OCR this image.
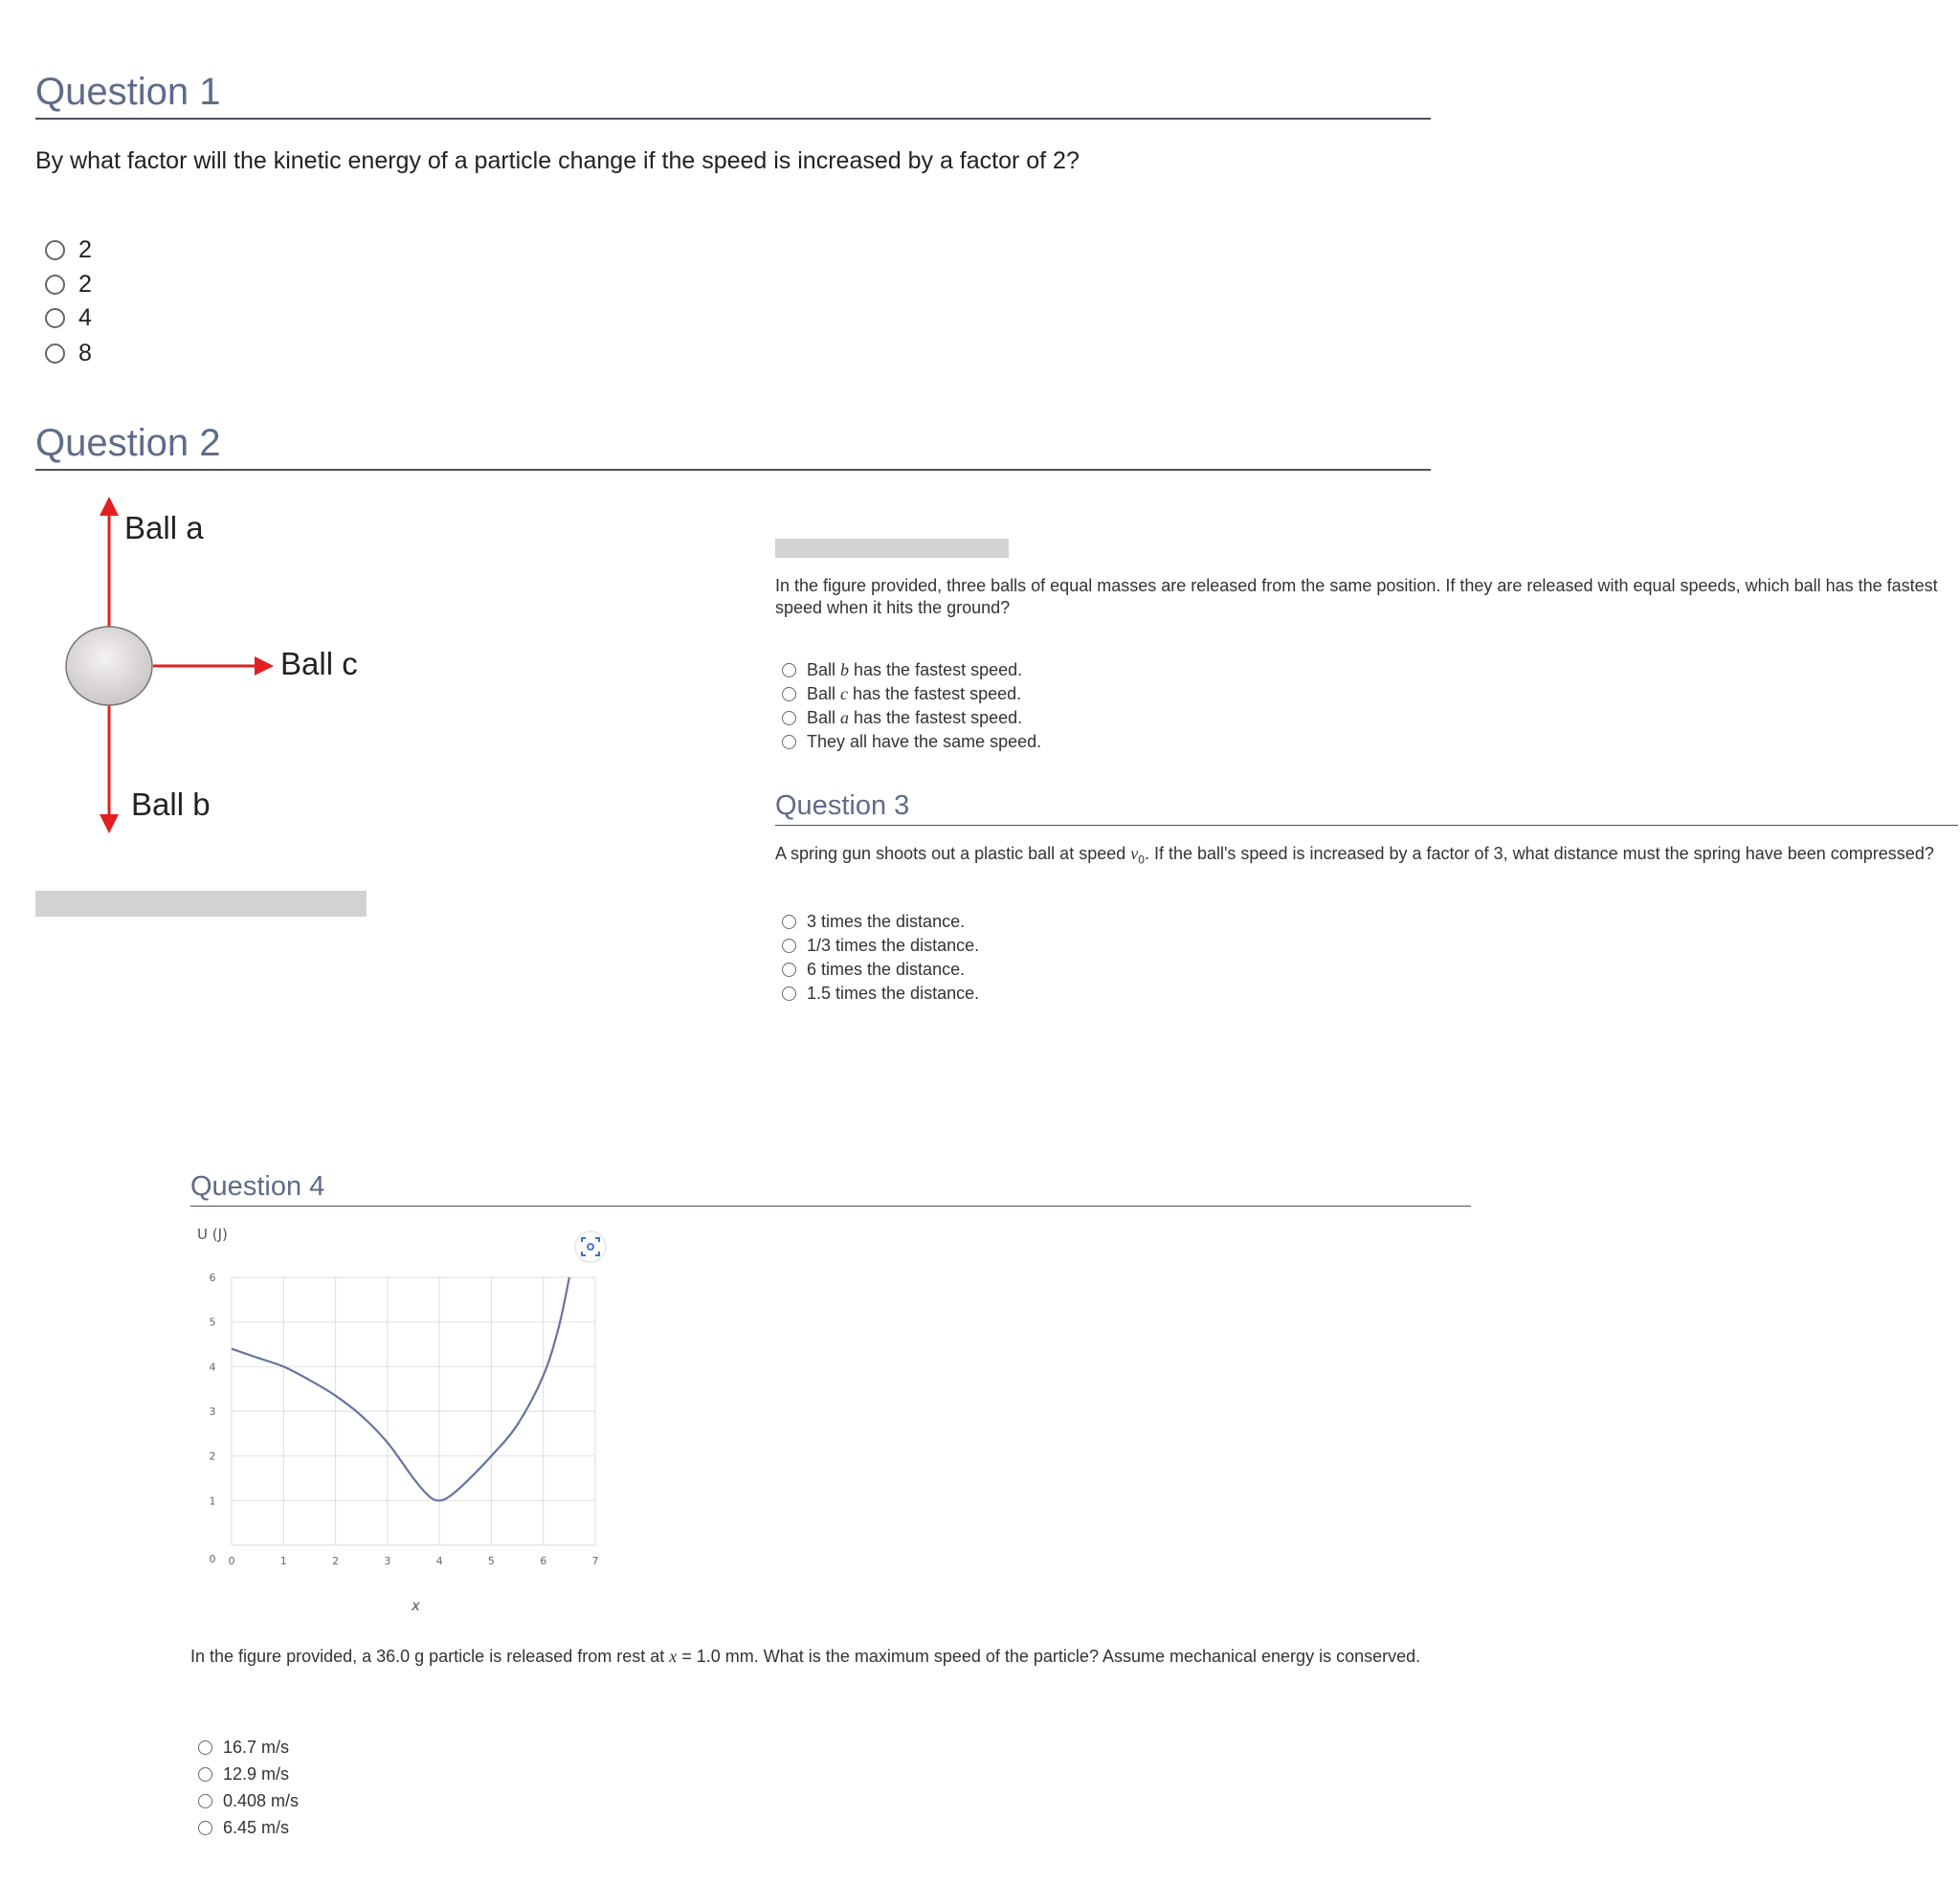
Question 1
By what factor will the kinetic energy of a particle change if the speed is increased by a factor of 2?
2
2
4
8
Question 2
Ball a
Ball c
Ball b
In the figure provided, three balls of equal masses are released from the same position. If they are released with equal speeds, which ball has the fastest speed when it hits the ground?
Ball b has the fastest speed.
Ball c has the fastest speed.
Ball a has the fastest speed.
They all have the same speed.
Question 3
A spring gun shoots out a plastic ball at speed $v_0$. If the ball's speed is increased by a factor of 3, what distance must the spring have been compressed?
3 times the distance.
1/3 times the distance.
6 times the distance.
1.5 times the distance.
Question 4
0
1
2
3
4
5
6
0	1	2	3	4	5	6	7
U (J)
x
In the figure provided, a 36.0 g particle is released from rest at x = 1.0 mm. What is the maximum speed of the particle? Assume mechanical energy is conserved.
16.7 m/s
12.9 m/s
0.408 m/s
6.45 m/s
